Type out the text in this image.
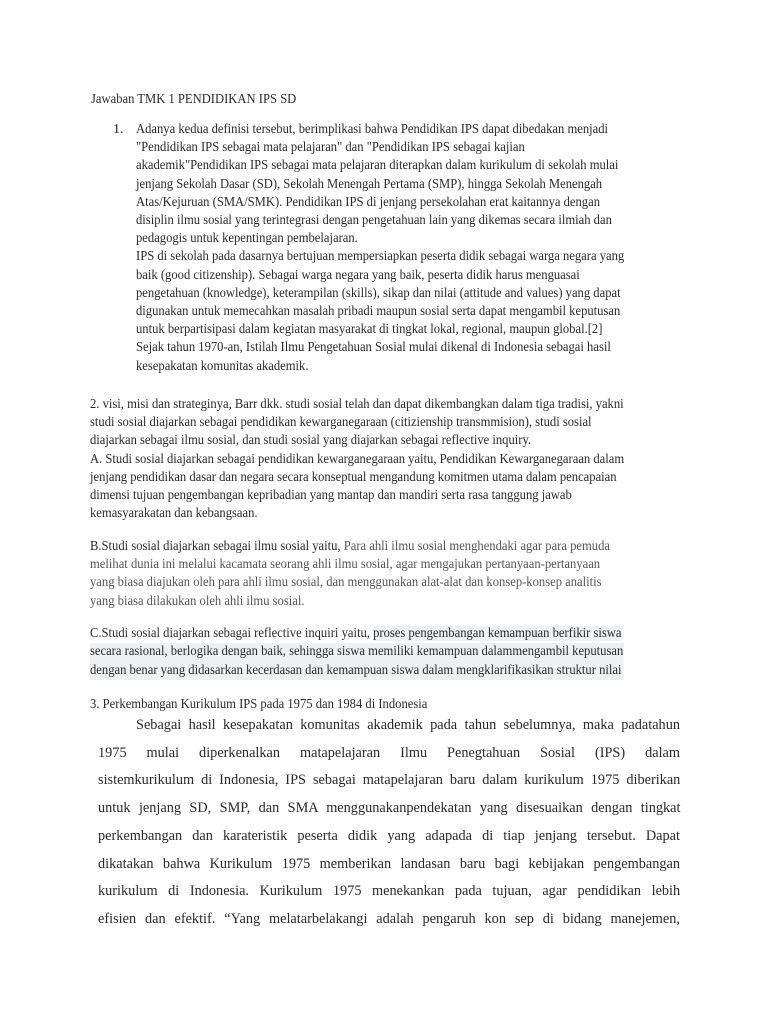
Jawaban TMK 1 PENDIDIKAN IPS SD
1. Adanya kedua definisi tersebut, berimplikasi bahwa Pendidikan IPS dapat dibedakan menjadi
"Pendidikan IPS sebagai mata pelajaran" dan "Pendidikan IPS sebagai kajian
akademik"Pendidikan IPS sebagai mata pelajaran diterapkan dalam kurikulum di sekolah mulai
jenjang Sekolah Dasar (SD), Sekolah Menengah Pertama (SMP), hingga Sekolah Menengah
Atas/Kejuruan (SMA/SMK). Pendidikan IPS di jenjang persekolahan erat kaitannya dengan
disiplin ilmu sosial yang terintegrasi dengan pengetahuan lain yang dikemas secara ilmiah dan
pedagogis untuk kepentingan pembelajaran.
IPS di sekolah pada dasarnya bertujuan mempersiapkan peserta didik sebagai warga negara yang
baik (good citizenship). Sebagai warga negara yang baik, peserta didik harus menguasai
pengetahuan (knowledge), keterampilan (skills), sikap dan nilai (attitude and values) yang dapat
digunakan untuk memecahkan masalah pribadi maupun sosial serta dapat mengambil keputusan
untuk berpartisipasi dalam kegiatan masyarakat di tingkat lokal, regional, maupun global.[2]
Sejak tahun 1970-an, Istilah Ilmu Pengetahuan Sosial mulai dikenal di Indonesia sebagai hasil
kesepakatan komunitas akademik.
2. visi, misi dan strateginya, Barr dkk. studi sosial telah dan dapat dikembangkan dalam tiga tradisi, yakni
studi sosial diajarkan sebagai pendidikan kewarganegaraan (citizienship transmmision), studi sosial
diajarkan sebagai ilmu sosial, dan studi sosial yang diajarkan sebagai reflective inquiry.
A. Studi sosial diajarkan sebagai pendidikan kewarganegaraan yaitu, Pendidikan Kewarganegaraan dalam
jenjang pendidikan dasar dan negara secara konseptual mengandung komitmen utama dalam pencapaian
dimensi tujuan pengembangan kepribadian yang mantap dan mandiri serta rasa tanggung jawab
kemasyarakatan dan kebangsaan.
B.Studi sosial diajarkan sebagai ilmu sosial yaitu, Para ahli ilmu sosial menghendaki agar para pemuda
melihat dunia ini melalui kacamata seorang ahli ilmu sosial, agar mengajukan pertanyaan-pertanyaan
yang biasa diajukan oleh para ahli ilmu sosial, dan menggunakan alat-alat dan konsep-konsep analitis
yang biasa dilakukan oleh ahli ilmu sosial.
C.Studi sosial diajarkan sebagai reflective inquiri yaitu, proses pengembangan kemampuan berfikir siswa
secara rasional, berlogika dengan baik, sehingga siswa memiliki kemampuan dalammengambil keputusan
dengan benar yang didasarkan kecerdasan dan kemampuan siswa dalam mengklarifikasikan struktur nilai
3. Perkembangan Kurikulum IPS pada 1975 dan 1984 di Indonesia
Sebagai hasil kesepakatan komunitas akademik pada tahun sebelumnya, maka padatahun
1975 mulai diperkenalkan matapelajaran Ilmu Penegtahuan Sosial (IPS) dalam
sistemkurikulum di Indonesia, IPS sebagai matapelajaran baru dalam kurikulum 1975 diberikan
untuk jenjang SD, SMP, dan SMA menggunakanpendekatan yang disesuaikan dengan tingkat
perkembangan dan karateristik peserta didik yang adapada di tiap jenjang tersebut. Dapat
dikatakan bahwa Kurikulum 1975 memberikan landasan baru bagi kebijakan pengembangan
kurikulum di Indonesia. Kurikulum 1975 menekankan pada tujuan, agar pendidikan lebih
efisien dan efektif. “Yang melatarbelakangi adalah pengaruh kon sep di bidang manejemen,
